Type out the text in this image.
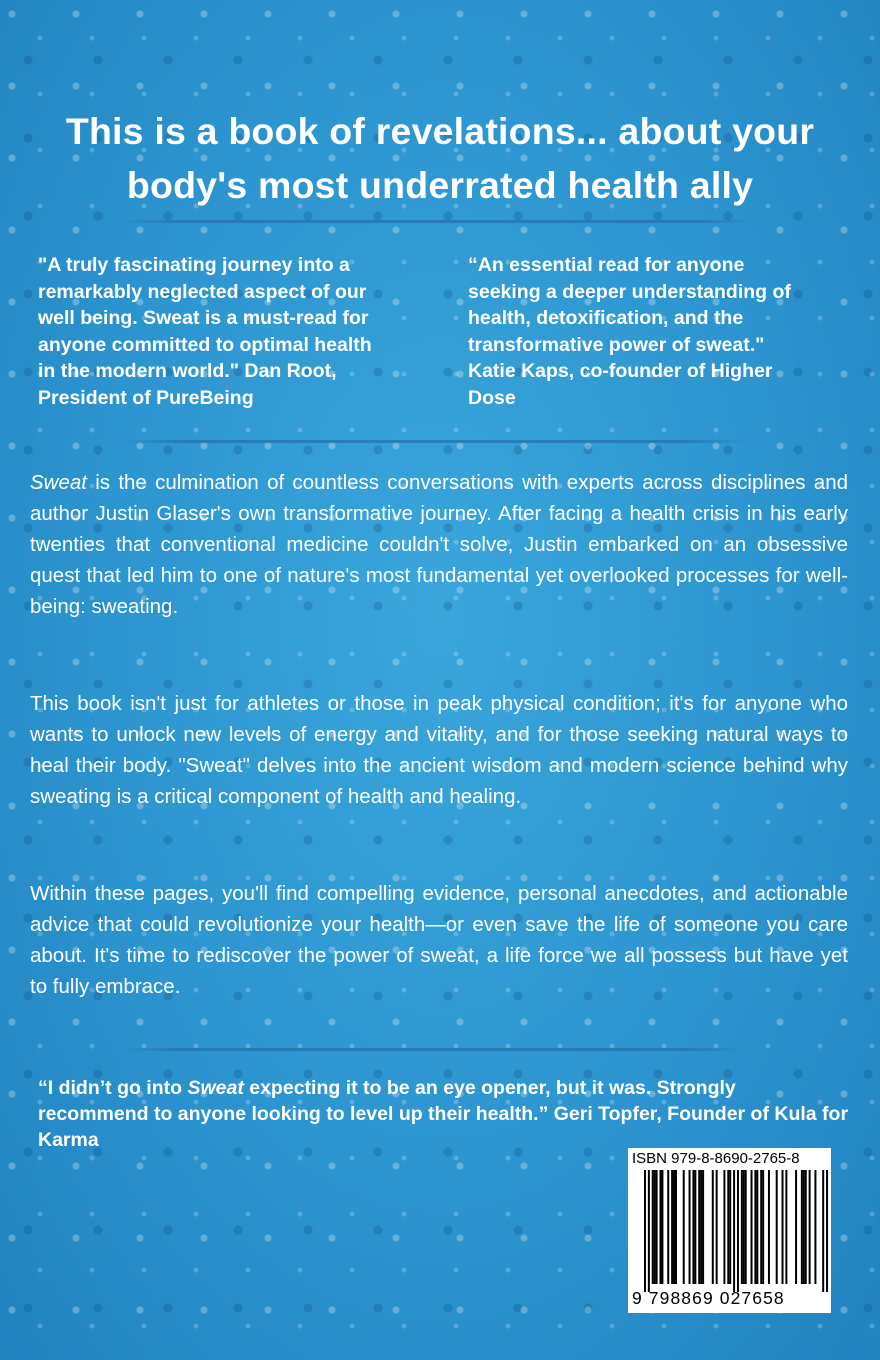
This is a book of revelations... about your
body's most underrated health ally

"A truly fascinating journey into a
remarkably neglected aspect of our
well being. Sweat is a must-read for
anyone committed to optimal health
in the modern world." Dan Root,
President of PureBeing

“An essential read for anyone
seeking a deeper understanding of
health, detoxification, and the
transformative power of sweat."
Katie Kaps, co-founder of Higher
Dose

Sweat is the culmination of countless conversations with experts across disciplines and author Justin Glaser's own transformative journey. After facing a health crisis in his early twenties that conventional medicine couldn't solve, Justin embarked on an obsessive quest that led him to one of nature's most fundamental yet overlooked processes for well-being: sweating.

This book isn't just for athletes or those in peak physical condition; it's for anyone who wants to unlock new levels of energy and vitality, and for those seeking natural ways to heal their body. "Sweat" delves into the ancient wisdom and modern science behind why sweating is a critical component of health and healing.

Within these pages, you'll find compelling evidence, personal anecdotes, and actionable advice that could revolutionize your health—or even save the life of someone you care about. It's time to rediscover the power of sweat, a life force we all possess but have yet to fully embrace.

“I didn’t go into Sweat expecting it to be an eye opener, but it was. Strongly recommend to anyone looking to level up their health.” Geri Topfer, Founder of Kula for Karma

ISBN 979-8-8690-2765-8
9 798869 027658
